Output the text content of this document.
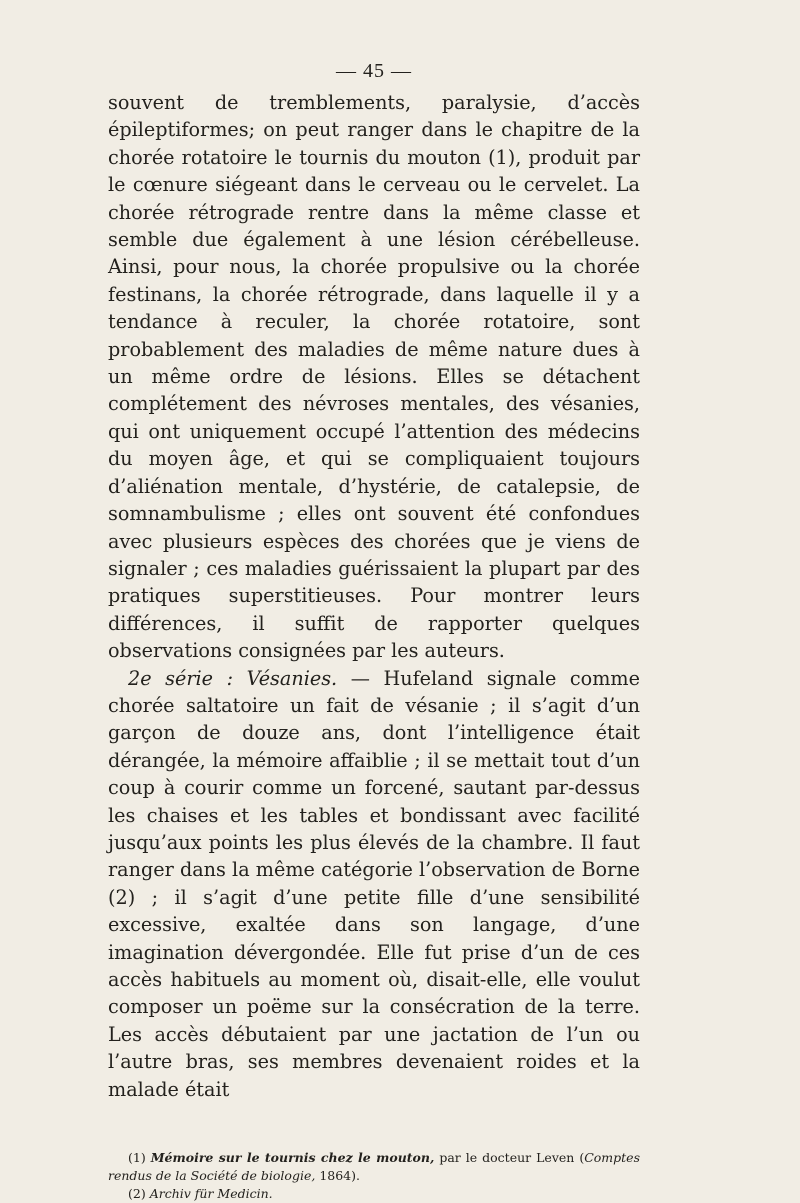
— 45 —

souvent de tremblements, paralysie, d’accès épileptiformes; on peut ranger dans le chapitre de la chorée rotatoire le tournis du mouton (1), produit par le cœnure siégeant dans le cerveau ou le cervelet. La chorée rétrograde rentre dans la même classe et semble due également à une lésion cérébelleuse. Ainsi, pour nous, la chorée propulsive ou la chorée festinans, la chorée rétrograde, dans laquelle il y a tendance à reculer, la chorée rotatoire, sont probablement des maladies de même nature dues à un même ordre de lésions. Elles se détachent complétement des névroses mentales, des vésanies, qui ont uniquement occupé l’attention des médecins du moyen âge, et qui se compliquaient toujours d’aliénation mentale, d’hystérie, de catalepsie, de somnambulisme ; elles ont souvent été confondues avec plusieurs espèces des chorées que je viens de signaler ; ces maladies guérissaient la plupart par des pratiques superstitieuses. Pour montrer leurs différences, il suffit de rapporter quelques observations consignées par les auteurs.

2e série : Vésanies. — Hufeland signale comme chorée saltatoire un fait de vésanie ; il s’agit d’un garçon de douze ans, dont l’intelligence était dérangée, la mémoire affaiblie ; il se mettait tout d’un coup à courir comme un forcené, sautant par-dessus les chaises et les tables et bondissant avec facilité jusqu’aux points les plus élevés de la chambre. Il faut ranger dans la même catégorie l’observation de Borne (2) ; il s’agit d’une petite fille d’une sensibilité excessive, exaltée dans son langage, d’une imagination dévergondée. Elle fut prise d’un de ces accès habituels au moment où, disait-elle, elle voulut composer un poëme sur la consécration de la terre. Les accès débutaient par une jactation de l’un ou l’autre bras, ses membres devenaient roides et la malade était

(1) Mémoire sur le tournis chez le mouton, par le docteur Leven (Comptes rendus de la Société de biologie, 1864).

(2) Archiv für Medicin.
